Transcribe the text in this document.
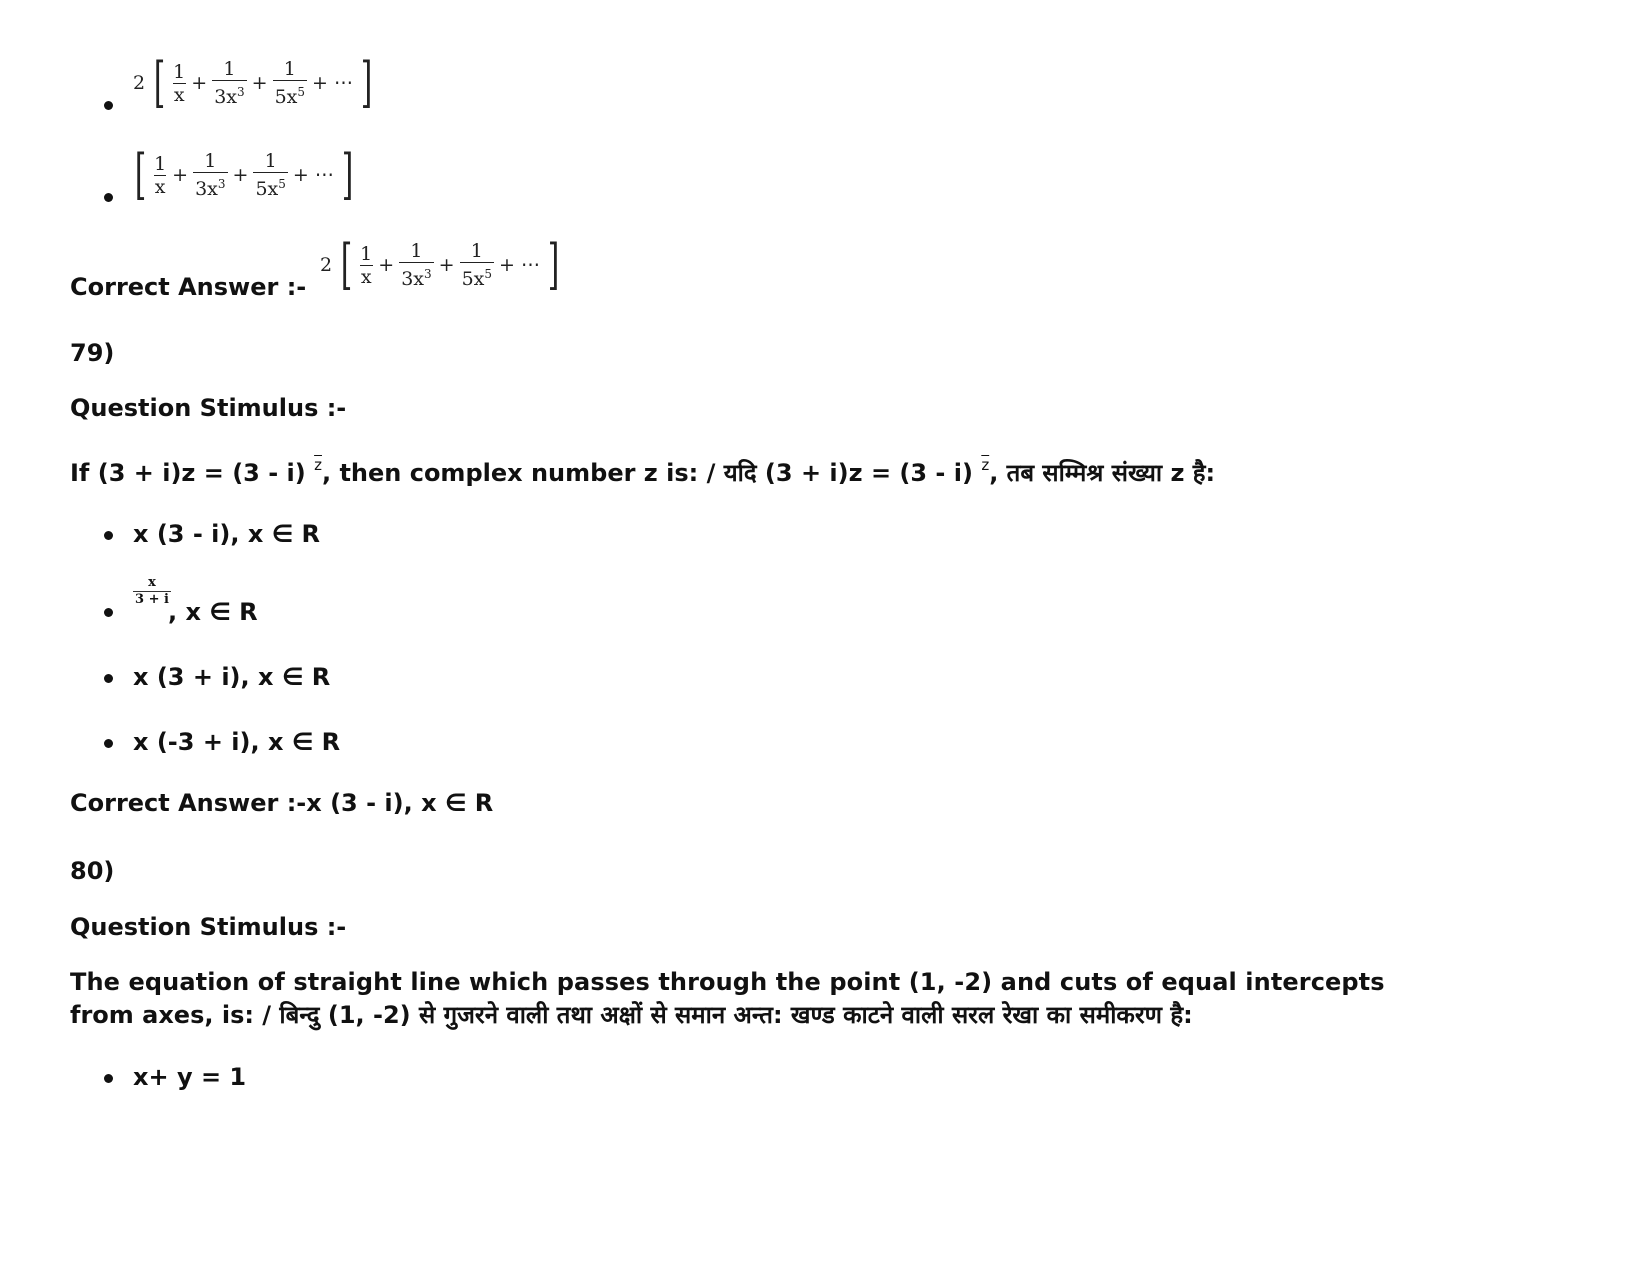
2 [ $\frac{1}{x} + \frac{1}{3x^3} + \frac{1}{5x^5}$ + ⋯ ]
[ $\frac{1}{x} + \frac{1}{3x^3} + \frac{1}{5x^5}$ + ⋯ ]
Correct Answer :-
2 [ $\frac{1}{x} + \frac{1}{3x^3} + \frac{1}{5x^5}$ + ⋯ ]
79)
Question Stimulus :-
If (3 + i)z = (3 - i) $^{\overline{z}}$, then complex number z is: / यदि (3 + i)z = (3 - i) $^{\overline{z}}$, तब सम्मिश्र संख्या z है:
x (3 - i), x ∈ R
$\frac{x}{3 + i}$
, x ∈ R
x (3 + i), x ∈ R
x (-3 + i), x ∈ R
Correct Answer :-x (3 - i), x ∈ R
80)
Question Stimulus :-
The equation of straight line which passes through the point (1, -2) and cuts of equal intercepts
from axes, is: / बिन्दु (1, -2) से गुजरने वाली तथा अक्षों से समान अन्त: खण्ड काटने वाली सरल रेखा का समीकरण है:
x+ y = 1
